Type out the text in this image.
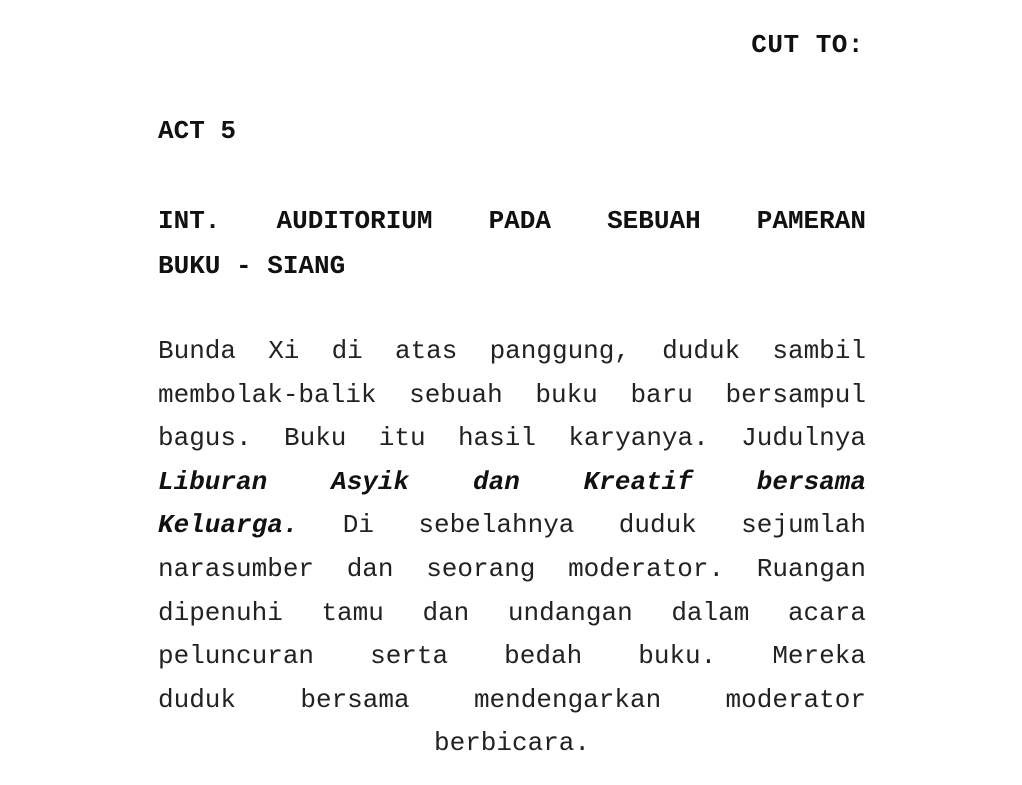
CUT TO:
ACT 5
INT. AUDITORIUM PADA SEBUAH PAMERAN
BUKU - SIANG
Bunda Xi di atas panggung, duduk sambil
membolak-balik sebuah buku baru bersampul
bagus. Buku itu hasil karyanya. Judulnya
Liburan Asyik dan Kreatif bersama
Keluarga. Di sebelahnya duduk sejumlah
narasumber dan seorang moderator. Ruangan
dipenuhi tamu dan undangan dalam acara
peluncuran serta bedah buku. Mereka
duduk bersama mendengarkan moderator
berbicara.
